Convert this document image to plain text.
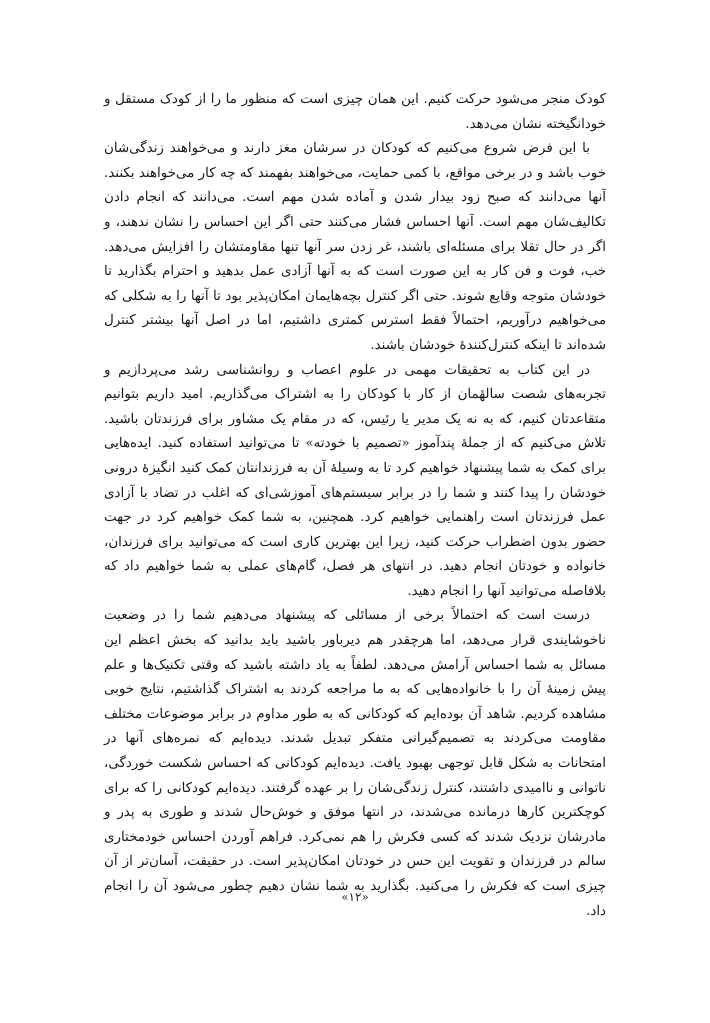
کودک منجر می‌شود حرکت کنیم. این همان چیزی است که منظور ما را از کودک مستقل و خودانگیخته نشان می‌دهد.

با این فرض شروع می‌کنیم که کودکان در سرشان مغز دارند و می‌خواهند زندگی‌شان خوب باشد و در برخی مواقع، با کمی حمایت، می‌خواهند بفهمند که چه کار می‌خواهند بکنند. آنها می‌دانند که صبح زود بیدار شدن و آماده شدن مهم است. می‌دانند که انجام دادن تکالیف‌شان مهم است. آنها احساس فشار می‌کنند حتی اگر این احساس را نشان ندهند، و اگر در حال تقلا برای مسئله‌ای باشند، غر زدن سر آنها تنها مقاومتشان را افزایش می‌دهد. خب، فوت و فن کار به این صورت است که به آنها آزادی عمل بدهید و احترام بگذارید تا خودشان متوجه وقایع شوند. حتی اگر کنترل بچه‌هایمان امکان‌پذیر بود تا آنها را به شکلی که می‌خواهیم درآوریم، احتمالاً فقط استرس کمتری داشتیم، اما در اصل آنها بیشتر کنترل شده‌اند تا اینکه کنترل‌کنندهٔ خودشان باشند.

در این کتاب به تحقیقات مهمی در علوم اعصاب و روانشناسی رشد می‌پردازیم و تجربه‌های شصت سالهٔمان از کار با کودکان را به اشتراک می‌گذاریم. امید داریم بتوانیم متقاعدتان کنیم، که به نه یک مدیر یا رئیس، که در مقام یک مشاور برای فرزندتان باشید. تلاش می‌کنیم که از جملهٔ پندآموز «تصمیم با خودته» تا می‌توانید استفاده کنید. ایده‌هایی برای کمک به شما پیشنهاد خواهیم کرد تا به وسیلهٔ آن به فرزندانتان کمک کنید انگیزهٔ درونی خودشان را پیدا کنند و شما را در برابر سیستم‌های آموزشی‌ای که اغلب در تضاد با آزادی عمل فرزندتان است راهنمایی خواهیم کرد. همچنین، به شما کمک خواهیم کرد در جهت حضور بدون اضطراب حرکت کنید، زیرا این بهترین کاری است که می‌توانید برای فرزندان، خانواده و خودتان انجام دهید. در انتهای هر فصل، گام‌های عملی به شما خواهیم داد که بلافاصله می‌توانید آنها را انجام دهید.

درست است که احتمالاً برخی از مسائلی که پیشنهاد می‌دهیم شما را در وضعیت ناخوشایندی قرار می‌دهد، اما هرچقدر هم دیرباور باشید باید بدانید که بخش اعظم این مسائل به شما احساس آرامش می‌دهد. لطفاً به یاد داشته باشید که وقتی تکنیک‌ها و علم پیش زمینهٔ آن را با خانواده‌هایی که به ما مراجعه کردند به اشتراک گذاشتیم، نتایج خوبی مشاهده کردیم. شاهد آن بوده‌ایم که کودکانی که به طور مداوم در برابر موضوعات مختلف مقاومت می‌کردند به تصمیم‌گیرانی متفکر تبدیل شدند. دیده‌ایم که نمره‌های آنها در امتحانات به شکل قابل توجهی بهبود یافت. دیده‌ایم کودکانی که احساس شکست خوردگی، ناتوانی و ناامیدی داشتند، کنترل زندگی‌شان را بر عهده گرفتند. دیده‌ایم کودکانی را که برای کوچکترین کارها درمانده می‌شدند، در انتها موفق و خوش‌حال شدند و طوری به پدر و مادرشان نزدیک شدند که کسی فکرش را هم نمی‌کرد. فراهم آوردن احساس خودمختاری سالم در فرزندان و تقویت این حس در خودتان امکان‌پذیر است. در حقیقت، آسان‌تر از آن چیزی است که فکرش را می‌کنید. بگذارید به شما نشان دهیم چطور می‌شود آن را انجام داد.

«۱۲»
